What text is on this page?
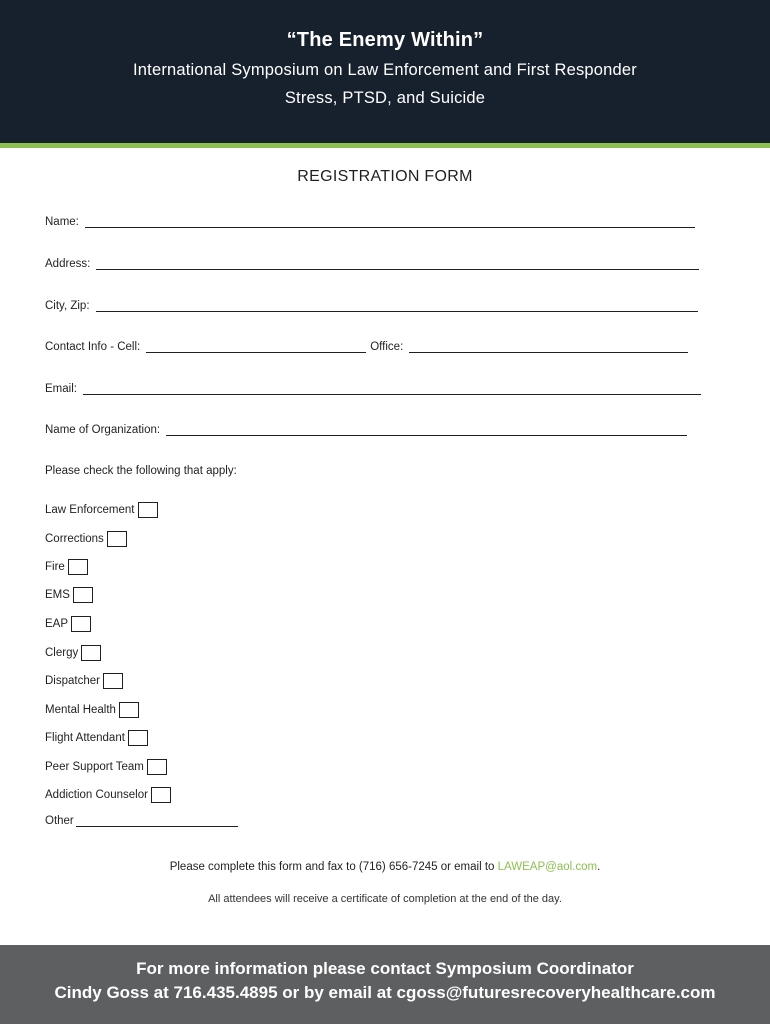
“The Enemy Within”
International Symposium on Law Enforcement and First Responder
Stress, PTSD, and Suicide
REGISTRATION FORM
Name:
Address:
City, Zip:
Contact Info - Cell:	Office:
Email:
Name of Organization:
Please check the following that apply:
Law Enforcement
Corrections
Fire
EMS
EAP
Clergy
Dispatcher
Mental Health
Flight Attendant
Peer Support Team
Addiction Counselor
Other
Please complete this form and fax to (716) 656-7245 or email to LAWEAP@aol.com.
All attendees will receive a certificate of completion at the end of the day.
For more information please contact Symposium Coordinator
Cindy Goss at 716.435.4895 or by email at cgoss@futuresrecoveryhealthcare.com
